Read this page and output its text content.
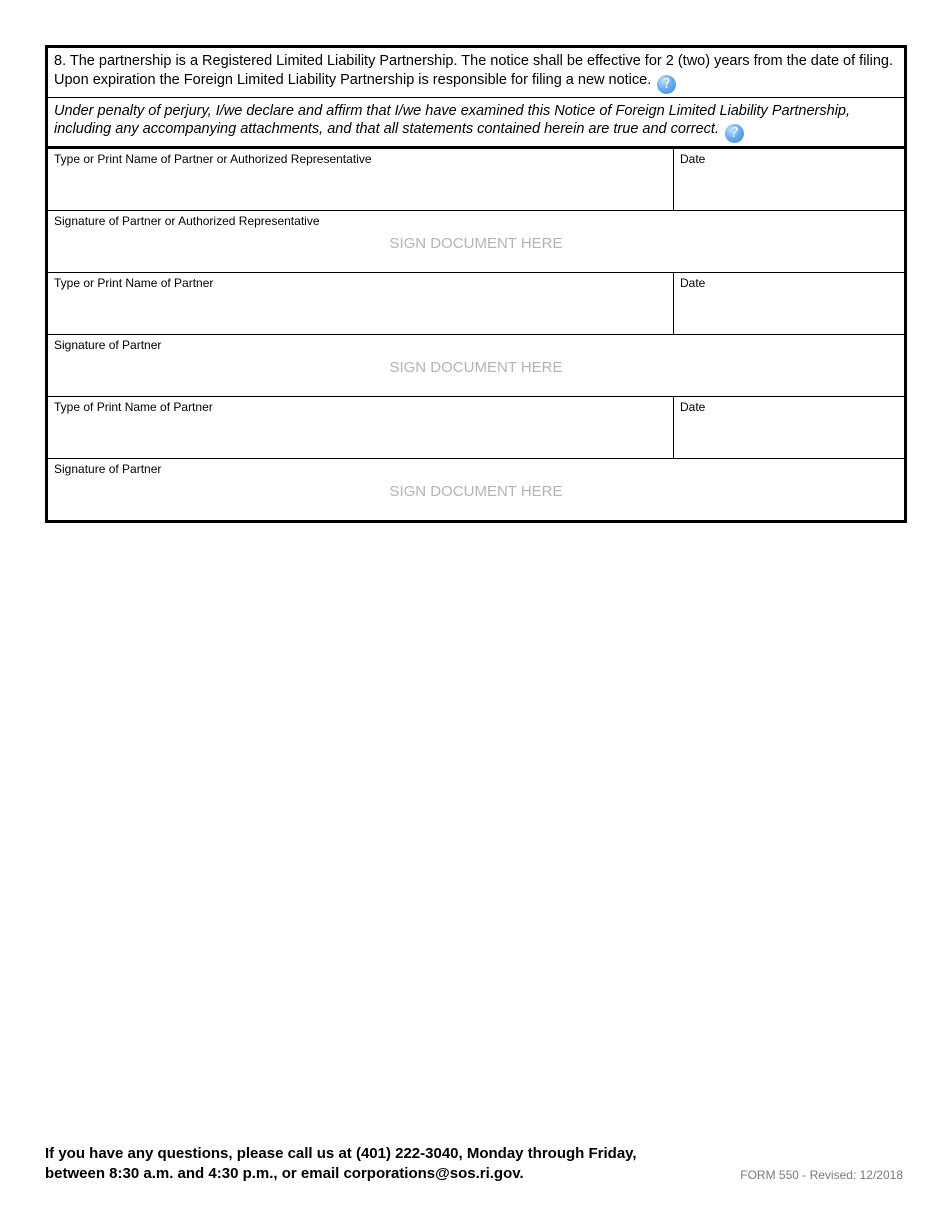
8. The partnership is a Registered Limited Liability Partnership. The notice shall be effective for 2 (two) years from the date of filing. Upon expiration the Foreign Limited Liability Partnership is responsible for filing a new notice. ?
Under penalty of perjury, I/we declare and affirm that I/we have examined this Notice of Foreign Limited Liability Partnership, including any accompanying attachments, and that all statements contained herein are true and correct. ?
Type or Print Name of Partner or Authorized Representative	Date
Signature of Partner or Authorized Representative
SIGN DOCUMENT HERE
Type or Print Name of Partner	Date
Signature of Partner
SIGN DOCUMENT HERE
Type of Print Name of Partner	Date
Signature of Partner
SIGN DOCUMENT HERE
If you have any questions, please call us at (401) 222-3040, Monday through Friday,
between 8:30 a.m. and 4:30 p.m., or email corporations@sos.ri.gov.	FORM 550 - Revised: 12/2018
